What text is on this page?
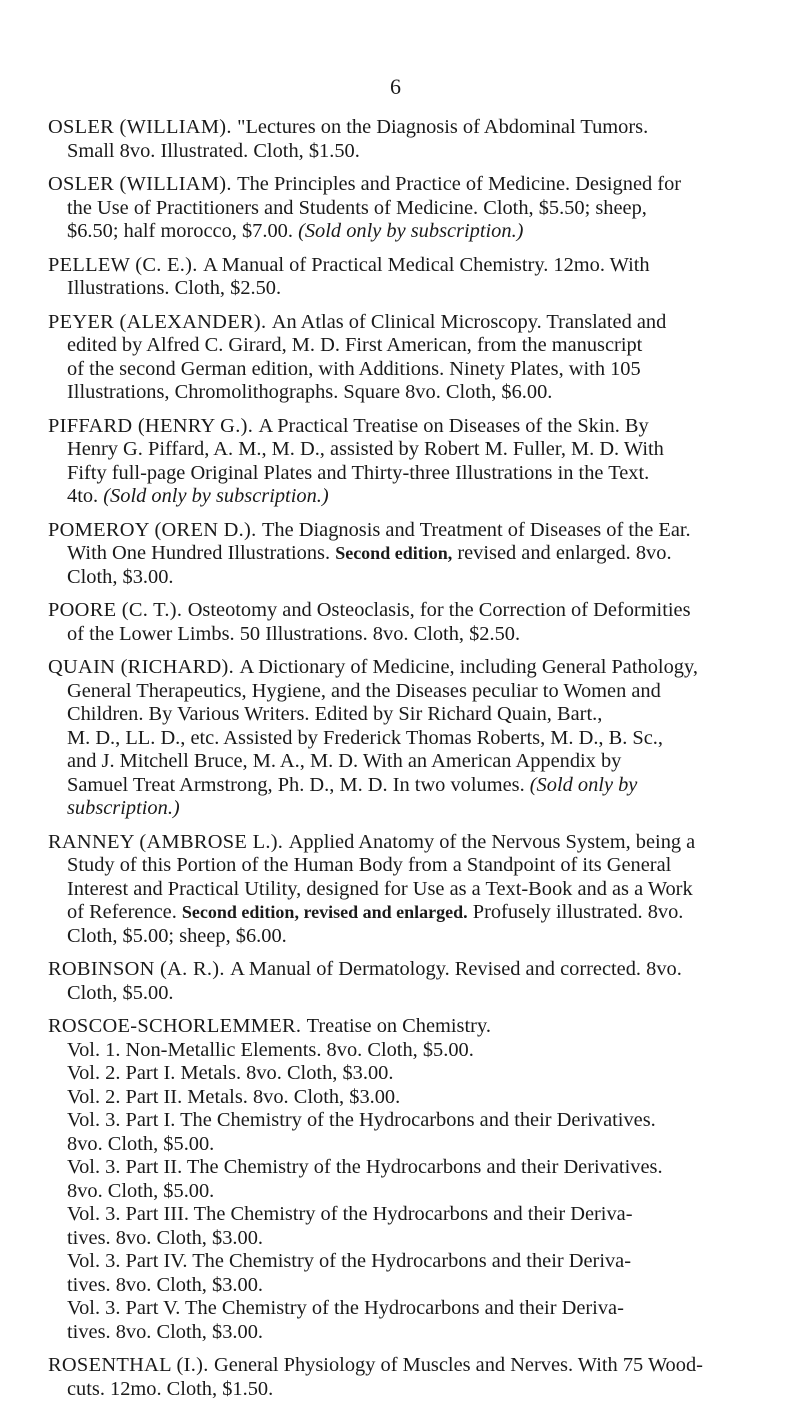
6
OSLER (WILLIAM). "Lectures on the Diagnosis of Abdominal Tumors.
Small 8vo. Illustrated. Cloth, $1.50.
OSLER (WILLIAM). The Principles and Practice of Medicine. Designed for
the Use of Practitioners and Students of Medicine. Cloth, $5.50; sheep,
$6.50; half morocco, $7.00. (Sold only by subscription.)
PELLEW (C. E.). A Manual of Practical Medical Chemistry. 12mo. With
Illustrations. Cloth, $2.50.
PEYER (ALEXANDER). An Atlas of Clinical Microscopy. Translated and
edited by Alfred C. Girard, M. D. First American, from the manuscript
of the second German edition, with Additions. Ninety Plates, with 105
Illustrations, Chromolithographs. Square 8vo. Cloth, $6.00.
PIFFARD (HENRY G.). A Practical Treatise on Diseases of the Skin. By
Henry G. Piffard, A. M., M. D., assisted by Robert M. Fuller, M. D. With
Fifty full-page Original Plates and Thirty-three Illustrations in the Text.
4to. (Sold only by subscription.)
POMEROY (OREN D.). The Diagnosis and Treatment of Diseases of the Ear.
With One Hundred Illustrations. Second edition, revised and enlarged. 8vo.
Cloth, $3.00.
POORE (C. T.). Osteotomy and Osteoclasis, for the Correction of Deformities
of the Lower Limbs. 50 Illustrations. 8vo. Cloth, $2.50.
QUAIN (RICHARD). A Dictionary of Medicine, including General Pathology,
General Therapeutics, Hygiene, and the Diseases peculiar to Women and
Children. By Various Writers. Edited by Sir Richard Quain, Bart.,
M. D., LL. D., etc. Assisted by Frederick Thomas Roberts, M. D., B. Sc.,
and J. Mitchell Bruce, M. A., M. D. With an American Appendix by
Samuel Treat Armstrong, Ph. D., M. D. In two volumes. (Sold only by
subscription.)
RANNEY (AMBROSE L.). Applied Anatomy of the Nervous System, being a
Study of this Portion of the Human Body from a Standpoint of its General
Interest and Practical Utility, designed for Use as a Text-Book and as a Work
of Reference. Second edition, revised and enlarged. Profusely illustrated. 8vo.
Cloth, $5.00; sheep, $6.00.
ROBINSON (A. R.). A Manual of Dermatology. Revised and corrected. 8vo.
Cloth, $5.00.
ROSCOE-SCHORLEMMER. Treatise on Chemistry.
Vol. 1. Non-Metallic Elements. 8vo. Cloth, $5.00.
Vol. 2. Part I. Metals. 8vo. Cloth, $3.00.
Vol. 2. Part II. Metals. 8vo. Cloth, $3.00.
Vol. 3. Part I. The Chemistry of the Hydrocarbons and their Derivatives.
8vo. Cloth, $5.00.
Vol. 3. Part II. The Chemistry of the Hydrocarbons and their Derivatives.
8vo. Cloth, $5.00.
Vol. 3. Part III. The Chemistry of the Hydrocarbons and their Deriva-
tives. 8vo. Cloth, $3.00.
Vol. 3. Part IV. The Chemistry of the Hydrocarbons and their Deriva-
tives. 8vo. Cloth, $3.00.
Vol. 3. Part V. The Chemistry of the Hydrocarbons and their Deriva-
tives. 8vo. Cloth, $3.00.
ROSENTHAL (I.). General Physiology of Muscles and Nerves. With 75 Wood-
cuts. 12mo. Cloth, $1.50.
